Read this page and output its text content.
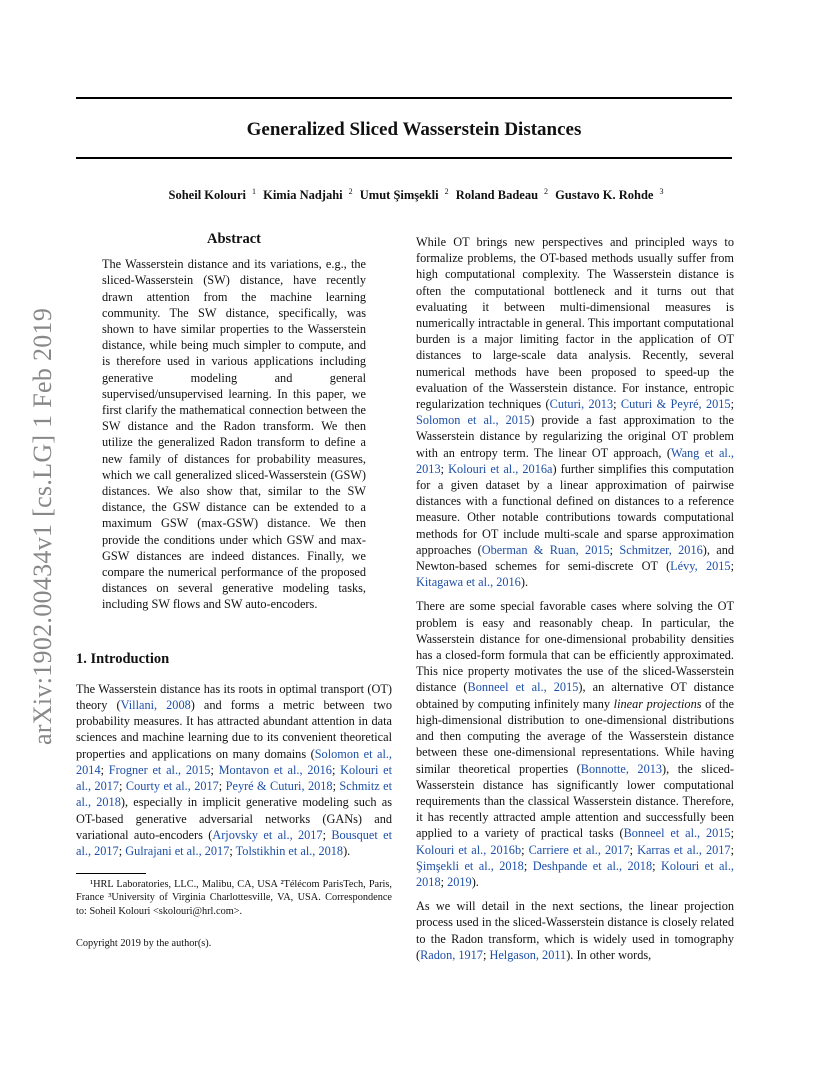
Generalized Sliced Wasserstein Distances
Soheil Kolouri $^1$ Kimia Nadjahi $^2$ Umut Şimşekli $^2$ Roland Badeau $^2$ Gustavo K. Rohde $^3$
arXiv:1902.00434v1 [cs.LG] 1 Feb 2019
Abstract
The Wasserstein distance and its variations, e.g., the sliced-Wasserstein (SW) distance, have recently drawn attention from the machine learning community. The SW distance, specifically, was shown to have similar properties to the Wasserstein distance, while being much simpler to compute, and is therefore used in various applications including generative modeling and general supervised/unsupervised learning. In this paper, we first clarify the mathematical connection between the SW distance and the Radon transform. We then utilize the generalized Radon transform to define a new family of distances for probability measures, which we call generalized sliced-Wasserstein (GSW) distances. We also show that, similar to the SW distance, the GSW distance can be extended to a maximum GSW (max-GSW) distance. We then provide the conditions under which GSW and max-GSW distances are indeed distances. Finally, we compare the numerical performance of the proposed distances on several generative modeling tasks, including SW flows and SW auto-encoders.
1. Introduction

The Wasserstein distance has its roots in optimal transport (OT) theory (Villani, 2008) and forms a metric between two probability measures. It has attracted abundant attention in data sciences and machine learning due to its convenient theoretical properties and applications on many domains (Solomon et al., 2014; Frogner et al., 2015; Montavon et al., 2016; Kolouri et al., 2017; Courty et al., 2017; Peyré & Cuturi, 2018; Schmitz et al., 2018), especially in implicit generative modeling such as OT-based generative adversarial networks (GANs) and variational auto-encoders (Arjovsky et al., 2017; Bousquet et al., 2017; Gulrajani et al., 2017; Tolstikhin et al., 2018).

¹HRL Laboratories, LLC., Malibu, CA, USA ²Télécom ParisTech, Paris, France ³University of Virginia Charlottesville, VA, USA. Correspondence to: Soheil Kolouri <skolouri@hrl.com>.

Copyright 2019 by the author(s).

While OT brings new perspectives and principled ways to formalize problems, the OT-based methods usually suffer from high computational complexity. The Wasserstein distance is often the computational bottleneck and it turns out that evaluating it between multi-dimensional measures is numerically intractable in general. This important computational burden is a major limiting factor in the application of OT distances to large-scale data analysis. Recently, several numerical methods have been proposed to speed-up the evaluation of the Wasserstein distance. For instance, entropic regularization techniques (Cuturi, 2013; Cuturi & Peyré, 2015; Solomon et al., 2015) provide a fast approximation to the Wasserstein distance by regularizing the original OT problem with an entropy term. The linear OT approach, (Wang et al., 2013; Kolouri et al., 2016a) further simplifies this computation for a given dataset by a linear approximation of pairwise distances with a functional defined on distances to a reference measure. Other notable contributions towards computational methods for OT include multi-scale and sparse approximation approaches (Oberman & Ruan, 2015; Schmitzer, 2016), and Newton-based schemes for semi-discrete OT (Lévy, 2015; Kitagawa et al., 2016).

There are some special favorable cases where solving the OT problem is easy and reasonably cheap. In particular, the Wasserstein distance for one-dimensional probability densities has a closed-form formula that can be efficiently approximated. This nice property motivates the use of the sliced-Wasserstein distance (Bonneel et al., 2015), an alternative OT distance obtained by computing infinitely many linear projections of the high-dimensional distribution to one-dimensional distributions and then computing the average of the Wasserstein distance between these one-dimensional representations. While having similar theoretical properties (Bonnotte, 2013), the sliced-Wasserstein distance has significantly lower computational requirements than the classical Wasserstein distance. Therefore, it has recently attracted ample attention and successfully been applied to a variety of practical tasks (Bonneel et al., 2015; Kolouri et al., 2016b; Carriere et al., 2017; Karras et al., 2017; Şimşekli et al., 2018; Deshpande et al., 2018; Kolouri et al., 2018; 2019).

As we will detail in the next sections, the linear projection process used in the sliced-Wasserstein distance is closely related to the Radon transform, which is widely used in tomography (Radon, 1917; Helgason, 2011). In other words,
